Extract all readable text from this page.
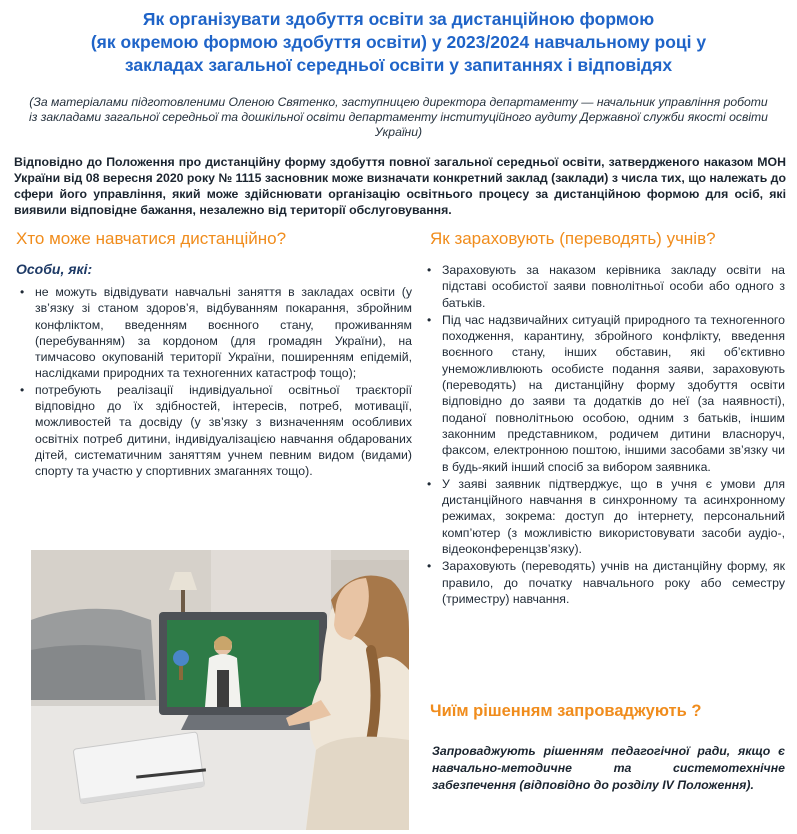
Як організувати здобуття освіти за дистанційною формою
(як окремою формою здобуття освіти) у 2023/2024 навчальному році у
закладах загальної середньої освіти у запитаннях і відповідях
(За матеріалами підготовленими Оленою Святенко, заступницею директора департаменту — начальник управління роботи із закладами загальної середньої та дошкільної освіти департаменту інституційного аудиту Державної служби якості освіти України)
Відповідно до Положення про дистанційну форму здобуття повної загальної середньої освіти, затвердженого наказом МОН України від 08 вересня 2020 року № 1115 засновник може визначати конкретний заклад (заклади) з числа тих, що належать до сфери його управління, який може здійснювати організацію освітнього процесу за дистанційною формою для осіб, які виявили відповідне бажання, незалежно від території обслуговування.
Хто може навчатися дистанційно?	Як зараховують (переводять) учнів?
Особи, які:
• не можуть відвідувати навчальні заняття в закладах освіти (у зв’язку зі станом здоров’я, відбуванням покарання, збройним конфліктом, введенням воєнного стану, проживанням (перебуванням) за кордоном (для громадян України), на тимчасово окупованій території України, поширенням епідемій, наслідками природних та техногенних катастроф тощо);
• потребують реалізації індивідуальної освітньої траєкторії відповідно до їх здібностей, інтересів, потреб, мотивації, можливостей та досвіду (у зв’язку з визначенням особливих освітніх потреб дитини, індивідуалізацією навчання обдарованих дітей, систематичним заняттям учнем певним видом (видами) спорту та участю у спортивних змаганнях тощо).
• Зараховують за наказом керівника закладу освіти на підставі особистої заяви повнолітньої особи або одного з батьків.
• Під час надзвичайних ситуацій природного та техногенного походження, карантину, збройного конфлікту, введення воєнного стану, інших обставин, які об’єктивно унеможливлюють особисте подання заяви, зараховують (переводять) на дистанційну форму здобуття освіти відповідно до заяви та додатків до неї (за наявності), поданої повнолітньою особою, одним з батьків, іншим законним представником, родичем дитини власноруч, факсом, електронною поштою, іншими засобами зв’язку чи в будь-який інший спосіб за вибором заявника.
• У заяві заявник підтверджує, що в учня є умови для дистанційного навчання в синхронному та асинхронному режимах, зокрема: доступ до інтернету, персональний комп’ютер (з можливістю використовувати засоби аудіо-, відеоконференцзв’язку).
• Зараховують (переводять) учнів на дистанційну форму, як правило, до початку навчального року або семестру (триместру) навчання.
Чиїм рішенням запроваджують ?
Запроваджують рішенням педагогічної ради, якщо є
навчально-методичне та системотехнічне
забезпечення (відповідно до розділу IV Положення).
